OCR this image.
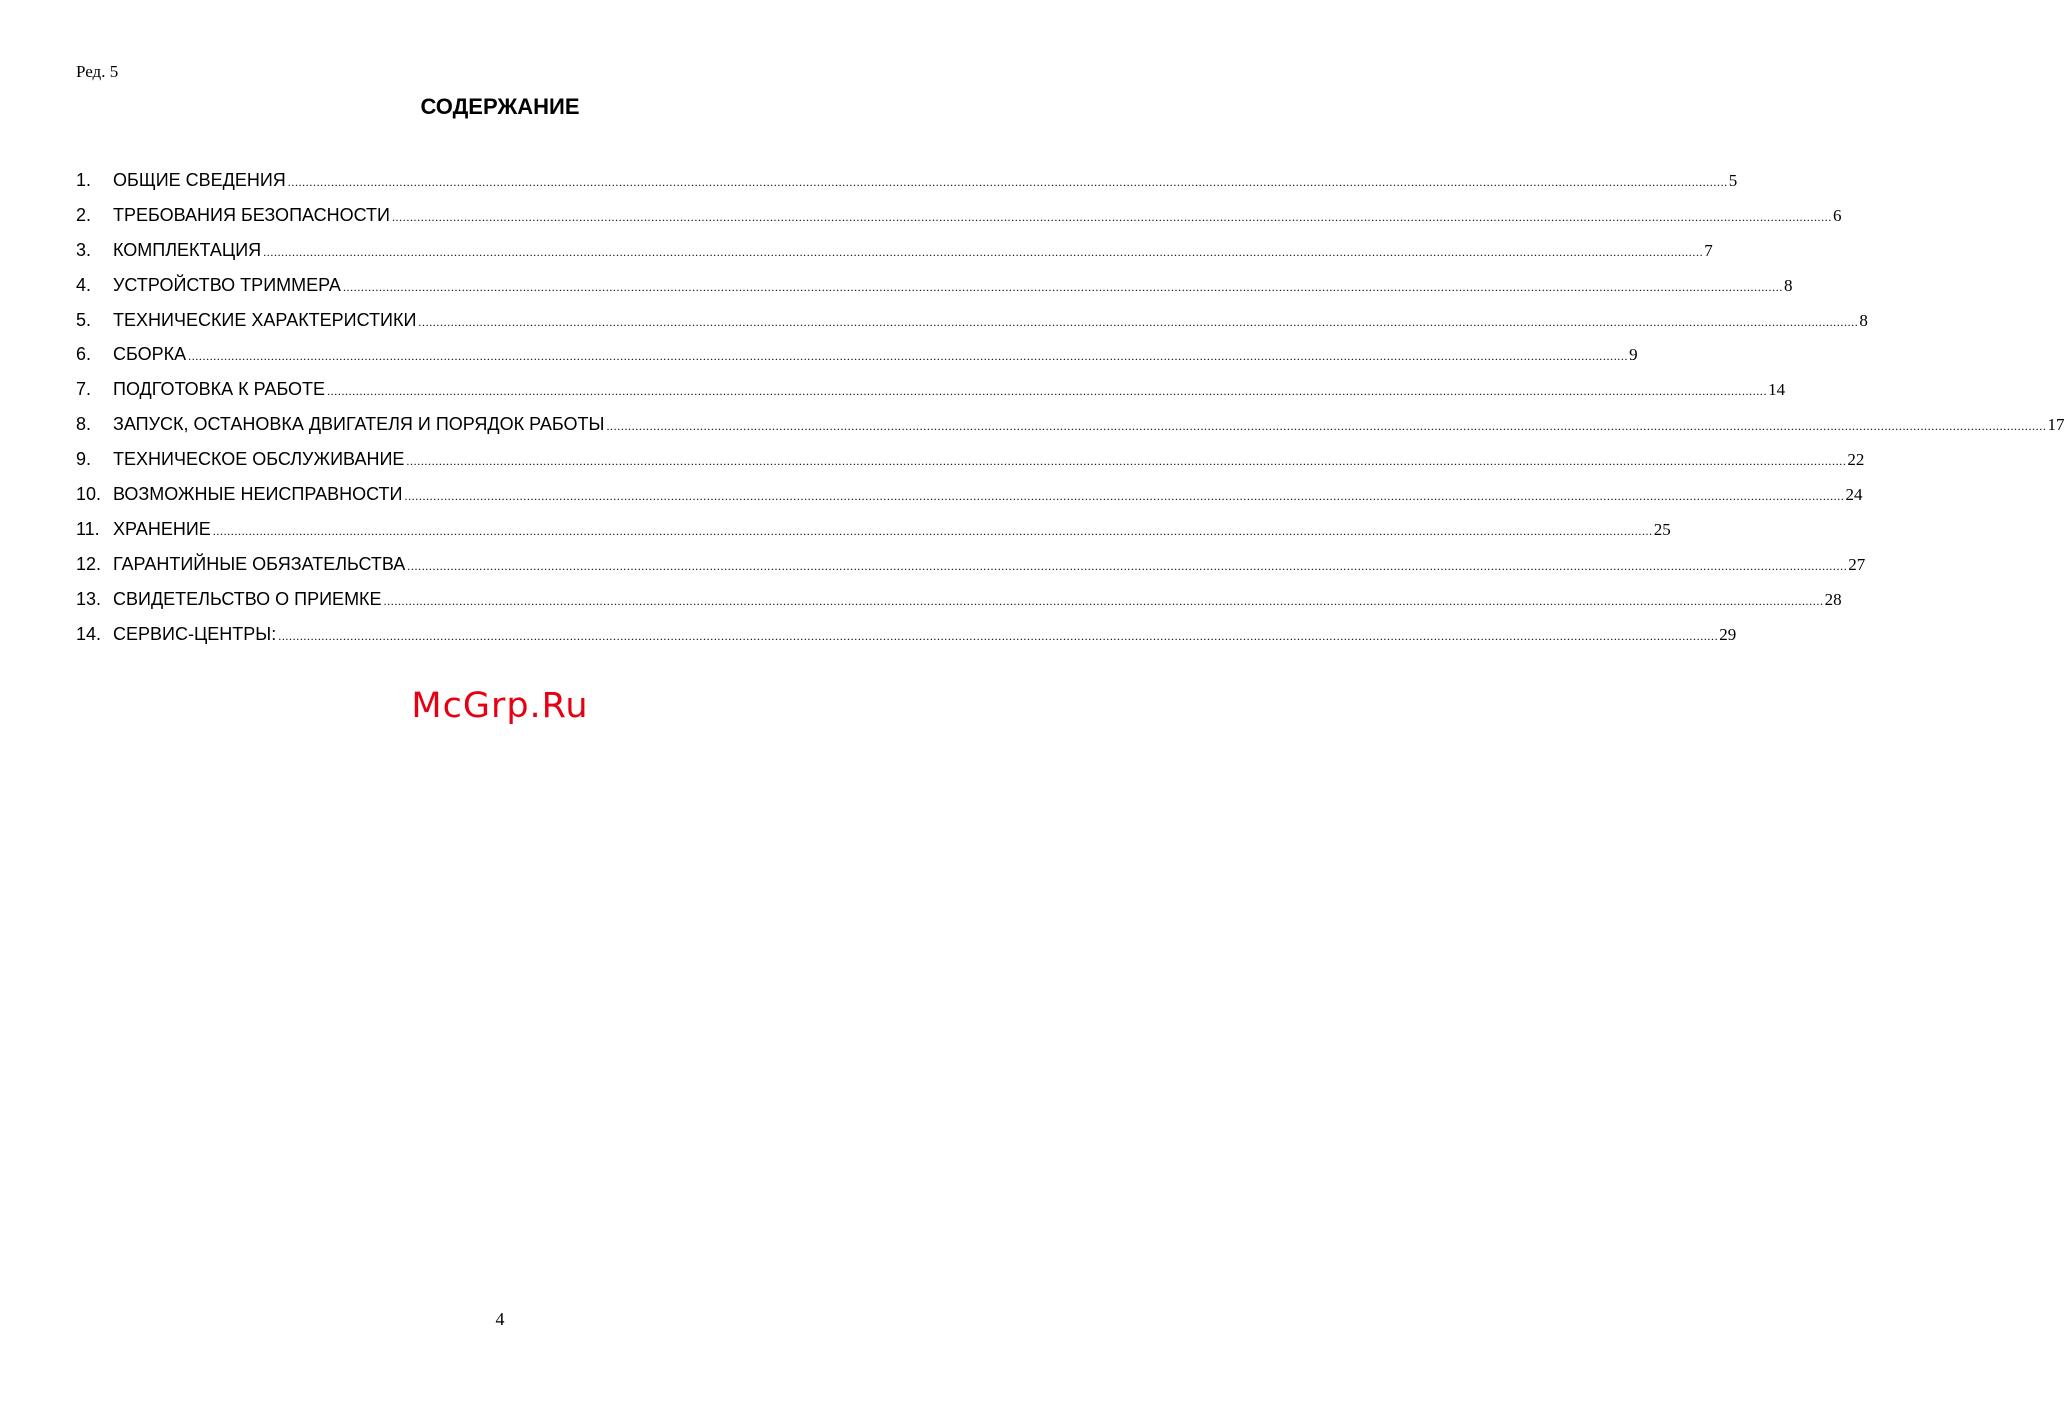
Ред. 5
СОДЕРЖАНИЕ
1.	ОБЩИЕ СВЕДЕНИЯ ................................................................................................................................................................................................................................................................................................................................................................................................................ 5
2.	ТРЕБОВАНИЯ БЕЗОПАСНОСТИ ................................................................................................................................................................................................................................................................................................................................................................................................................ 6
3.	КОМПЛЕКТАЦИЯ ................................................................................................................................................................................................................................................................................................................................................................................................................ 7
4.	УСТРОЙСТВО ТРИММЕРА ................................................................................................................................................................................................................................................................................................................................................................................................................ 8
5.	ТЕХНИЧЕСКИЕ ХАРАКТЕРИСТИКИ ................................................................................................................................................................................................................................................................................................................................................................................................................ 8
6.	СБОРКА ................................................................................................................................................................................................................................................................................................................................................................................................................ 9
7.	ПОДГОТОВКА К РАБОТЕ ................................................................................................................................................................................................................................................................................................................................................................................................................ 14
8.	ЗАПУСК, ОСТАНОВКА ДВИГАТЕЛЯ И ПОРЯДОК РАБОТЫ ................................................................................................................................................................................................................................................................................................................................................................................................................ 17
9.	ТЕХНИЧЕСКОЕ ОБСЛУЖИВАНИЕ ................................................................................................................................................................................................................................................................................................................................................................................................................ 22
10. ВОЗМОЖНЫЕ НЕИСПРАВНОСТИ ................................................................................................................................................................................................................................................................................................................................................................................................................ 24
11. ХРАНЕНИЕ ................................................................................................................................................................................................................................................................................................................................................................................................................ 25
12. ГАРАНТИЙНЫЕ ОБЯЗАТЕЛЬСТВА ................................................................................................................................................................................................................................................................................................................................................................................................................ 27
13. СВИДЕТЕЛЬСТВО О ПРИЕМКЕ ................................................................................................................................................................................................................................................................................................................................................................................................................ 28
14. СЕРВИС-ЦЕНТРЫ: ................................................................................................................................................................................................................................................................................................................................................................................................................ 29
McGrp.Ru
4
